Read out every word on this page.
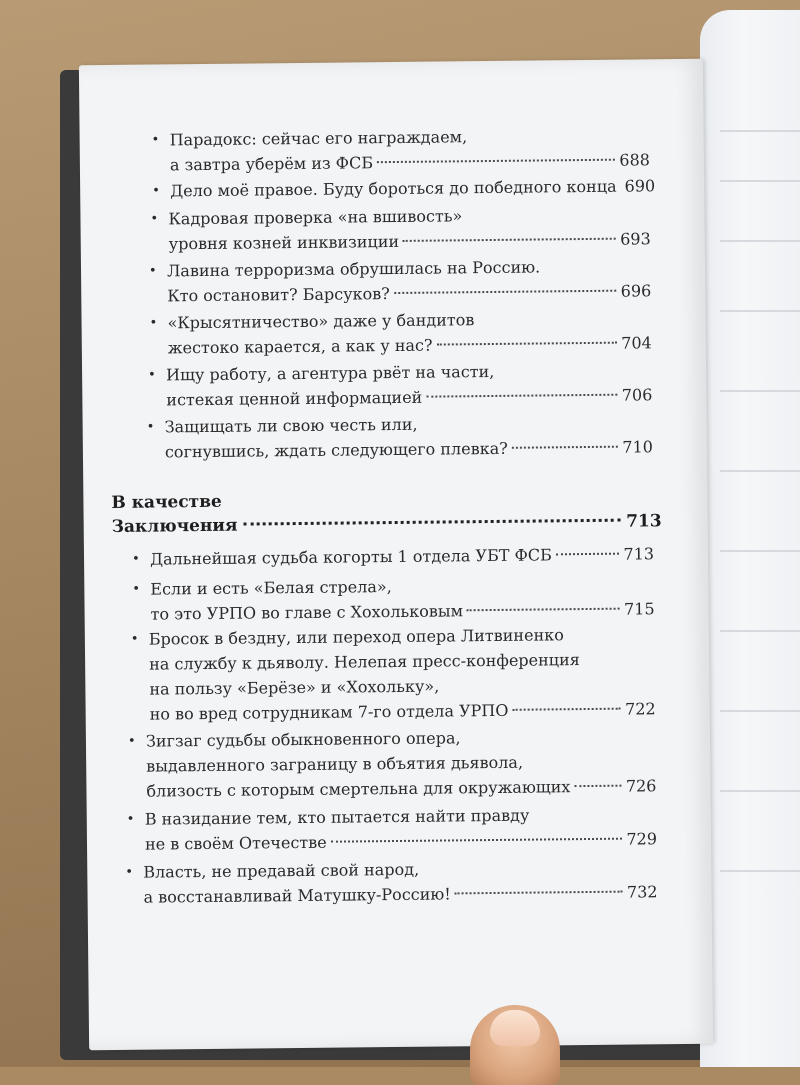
• Парадокс: сейчас его награждаем,
а завтра уберём из ФСБ	688
• Дело моё правое. Буду бороться до победного конца 690
• Кадровая проверка «на вшивость»
уровня козней инквизиции	693
• Лавина терроризма обрушилась на Россию.
Кто остановит? Барсуков?	696
• «Крысятничество» даже у бандитов
жестоко карается, а как у нас?	704
• Ищу работу, а агентура рвёт на части,
истекая ценной информацией	706
• Защищать ли свою честь или,
согнувшись, ждать следующего плевка?	710
В качестве
Заключения	713
• Дальнейшая судьба когорты 1 отдела УБТ ФСБ	713
• Если и есть «Белая стрела»,
то это УРПО во главе с Хохольковым	715
• Бросок в бездну, или переход опера Литвиненко
на службу к дьяволу. Нелепая пресс-конференция
на пользу «Берёзе» и «Хохольку»,
но во вред сотрудникам 7-го отдела УРПО	722
• Зигзаг судьбы обыкновенного опера,
выдавленного заграницу в объятия дьявола,
близость с которым смертельна для окружающих	726
• В назидание тем, кто пытается найти правду
не в своём Отечестве	729
• Власть, не предавай свой народ,
а восстанавливай Матушку-Россию!	732
